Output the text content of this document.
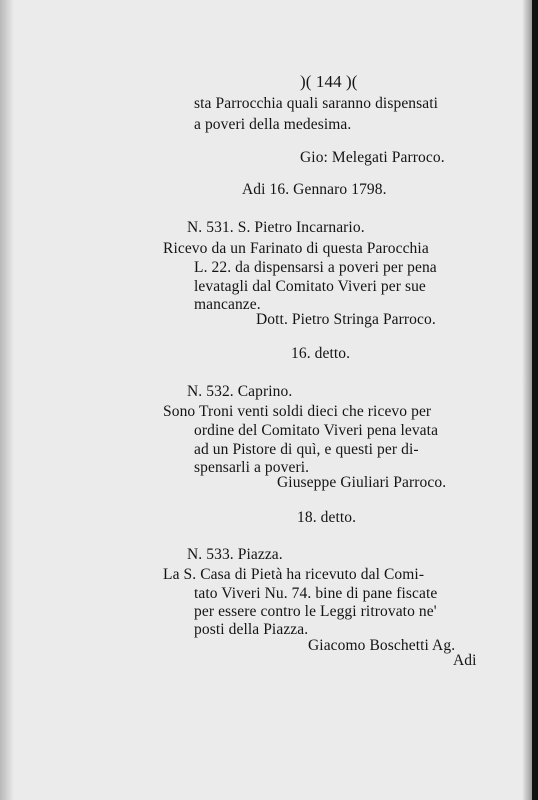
)( 144 )(
sta Parrocchia quali saranno dispensati
a poveri della medesima.
Gio: Melegati Parroco.
Adi 16. Gennaro 1798.
N. 531. S. Pietro Incarnario.
Ricevo da un Farinato di questa Parocchia
L. 22. da dispensarsi a poveri per pena
levatagli dal Comitato Viveri per sue
mancanze.
Dott. Pietro Stringa Parroco.
16. detto.
N. 532. Caprino.
Sono Troni venti soldi dieci che ricevo per
ordine del Comitato Viveri pena levata
ad un Pistore di quì, e questi per di-
spensarli a poveri.
Giuseppe Giuliari Parroco.
18. detto.
N. 533. Piazza.
La S. Casa di Pietà ha ricevuto dal Comi-
tato Viveri Nu. 74. bine di pane fiscate
per essere contro le Leggi ritrovato ne'
posti della Piazza.
Giacomo Boschetti Ag.
Adi
